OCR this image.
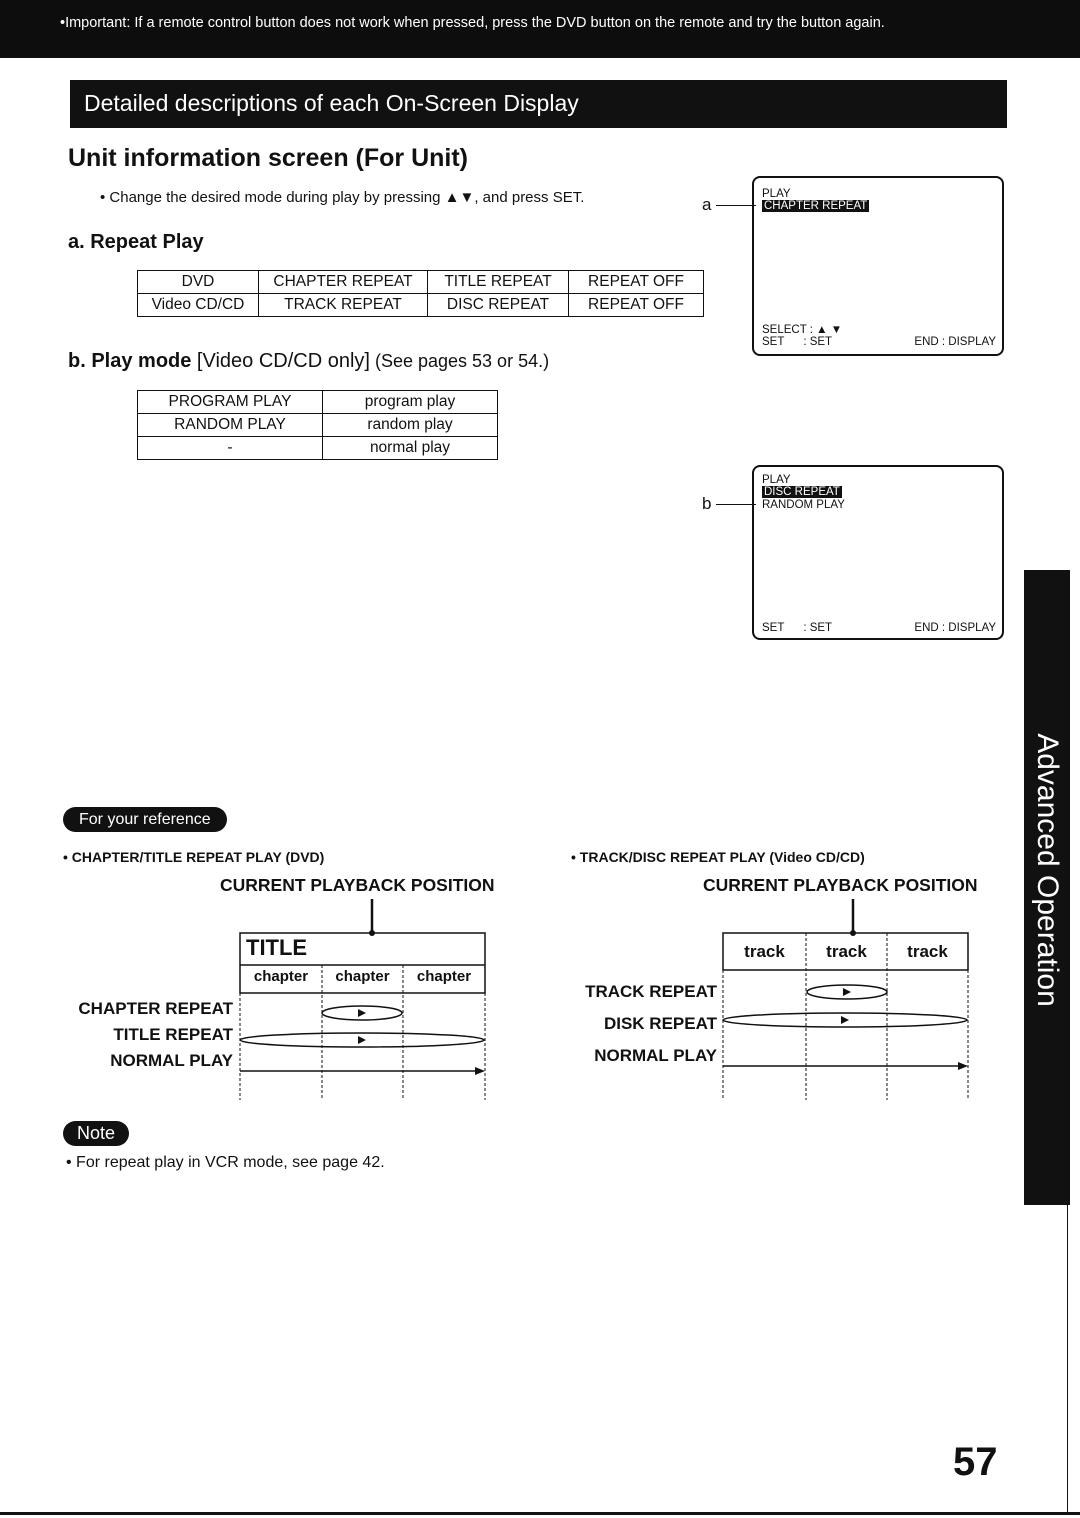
•Important: If a remote control button does not work when pressed, press the DVD button on the remote and try the button again.
Detailed descriptions of each On-Screen Display
Unit information screen (For Unit)
• Change the desired mode during play by pressing ▲▼, and press SET.
a. Repeat Play
DVD	CHAPTER REPEAT	TITLE REPEAT	REPEAT OFF
Video CD/CD	TRACK REPEAT	DISC REPEAT	REPEAT OFF
b. Play mode [Video CD/CD only] (See pages 53 or 54.)
PROGRAM PLAY	program play
RANDOM PLAY	random play
-	normal play
a
PLAY
CHAPTER REPEAT
SELECT : ▲ ▼
SET      : SET	END : DISPLAY
b
PLAY
DISC REPEAT
RANDOM PLAY
SET      : SET	END : DISPLAY
Advanced Operation
For your reference
• CHAPTER/TITLE REPEAT PLAY (DVD)
CURRENT PLAYBACK POSITION
TITLE
chapter	chapter	chapter
CHAPTER REPEAT
TITLE REPEAT
NORMAL PLAY
• TRACK/DISC REPEAT PLAY (Video CD/CD)
CURRENT PLAYBACK POSITION
track	track	track
TRACK REPEAT
DISK REPEAT
NORMAL PLAY
Note
• For repeat play in VCR mode, see page 42.
57
